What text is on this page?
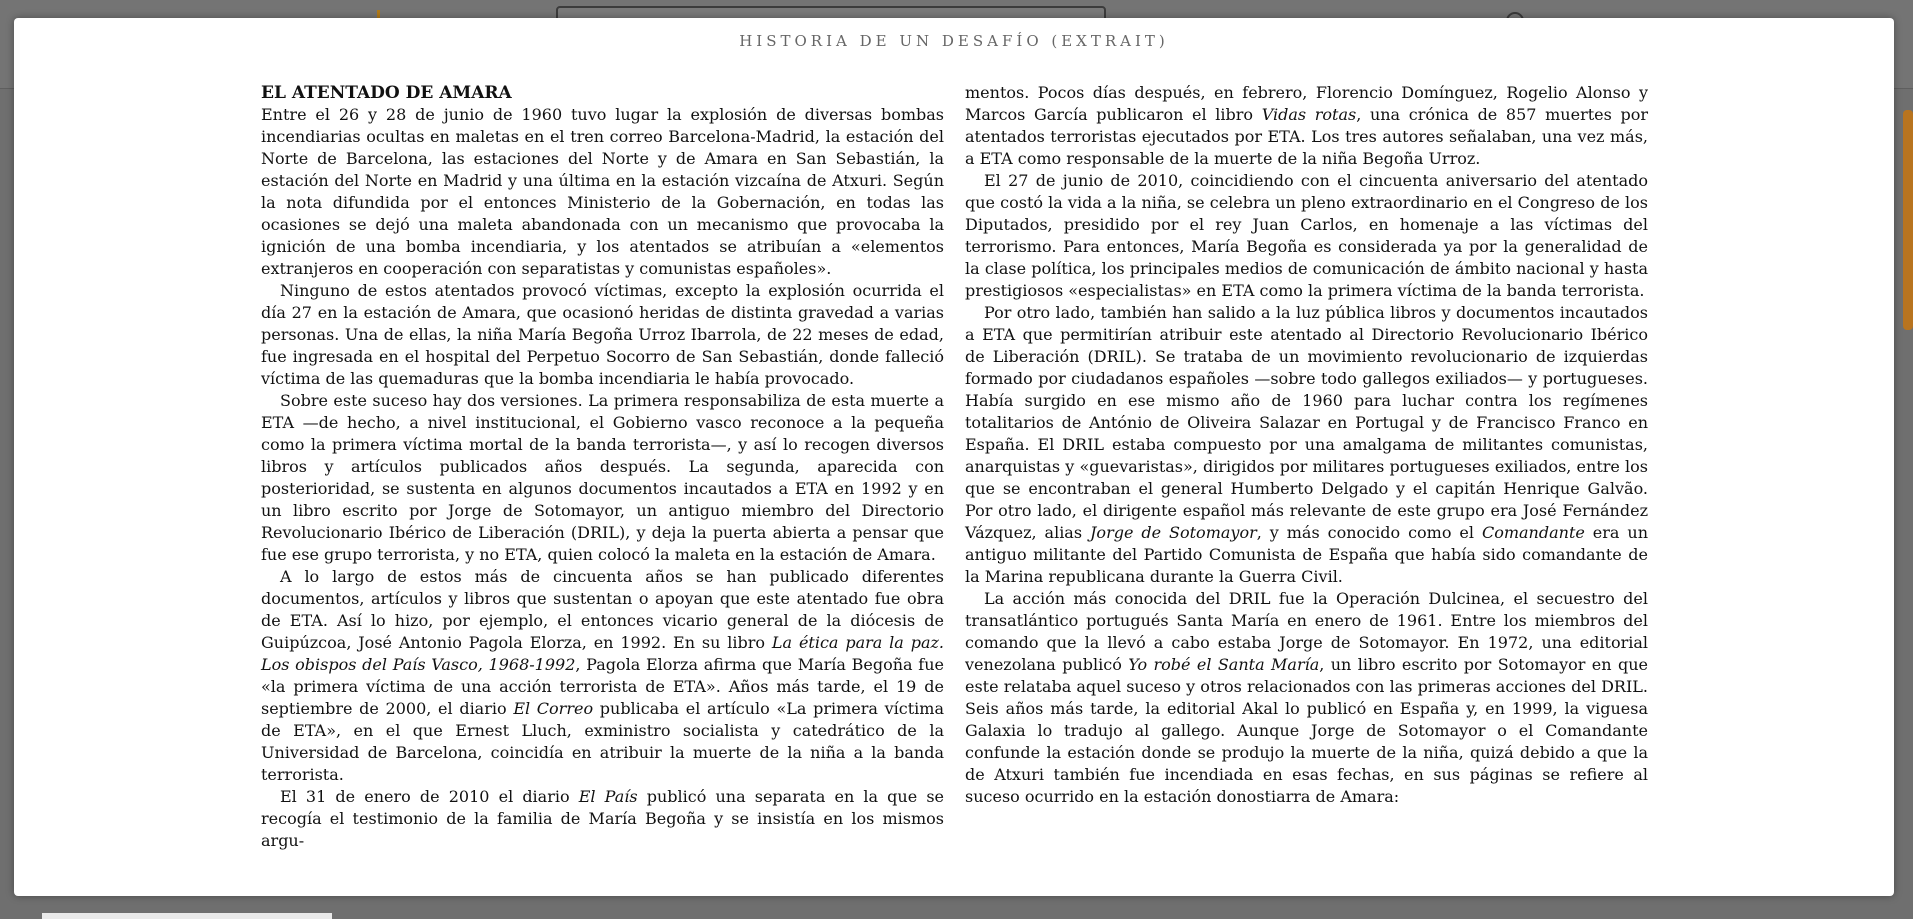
HISTORIA DE UN DESAFÍO (EXTRAIT)
EL ATENTADO DE AMARA

Entre el 26 y 28 de junio de 1960 tuvo lugar la explosión de diversas bombas incendiarias ocultas en maletas en el tren correo Barcelona-Madrid, la estación del Norte de Barcelona, las estaciones del Norte y de Amara en San Sebastián, la estación del Norte en Madrid y una última en la estación vizcaína de Atxuri. Según la nota difundida por el entonces Ministerio de la Gobernación, en todas las ocasiones se dejó una maleta abandonada con un mecanismo que provocaba la ignición de una bomba incendiaria, y los atentados se atribuían a «elementos extranjeros en cooperación con separatistas y comunistas españoles».

Ninguno de estos atentados provocó víctimas, excepto la explosión ocurrida el día 27 en la estación de Amara, que ocasionó heridas de distinta gravedad a varias personas. Una de ellas, la niña María Begoña Urroz Ibarrola, de 22 meses de edad, fue ingresada en el hospital del Perpetuo Socorro de San Sebastián, donde falleció víctima de las quemaduras que la bomba incendiaria le había provocado.

Sobre este suceso hay dos versiones. La primera responsabiliza de esta muerte a ETA —de hecho, a nivel institucional, el Gobierno vasco reconoce a la pequeña como la primera víctima mortal de la banda terrorista—, y así lo recogen diversos libros y artículos publicados años después. La segunda, aparecida con posterioridad, se sustenta en algunos documentos incautados a ETA en 1992 y en un libro escrito por Jorge de Sotomayor, un antiguo miembro del Directorio Revolucionario Ibérico de Liberación (DRIL), y deja la puerta abierta a pensar que fue ese grupo terrorista, y no ETA, quien colocó la maleta en la estación de Amara.

A lo largo de estos más de cincuenta años se han publicado diferentes documentos, artículos y libros que sustentan o apoyan que este atentado fue obra de ETA. Así lo hizo, por ejemplo, el entonces vicario general de la diócesis de Guipúzcoa, José Antonio Pagola Elorza, en 1992. En su libro La ética para la paz. Los obispos del País Vasco, 1968-1992, Pagola Elorza afirma que María Begoña fue «la primera víctima de una acción terrorista de ETA». Años más tarde, el 19 de septiembre de 2000, el diario El Correo publicaba el artículo «La primera víctima de ETA», en el que Ernest Lluch, exministro socialista y catedrático de la Universidad de Barcelona, coincidía en atribuir la muerte de la niña a la banda terrorista.

El 31 de enero de 2010 el diario El País publicó una separata en la que se recogía el testimonio de la familia de María Begoña y se insistía en los mismos argu-

mentos. Pocos días después, en febrero, Florencio Domínguez, Rogelio Alonso y Marcos García publicaron el libro Vidas rotas, una crónica de 857 muertes por atentados terroristas ejecutados por ETA. Los tres autores señalaban, una vez más, a ETA como responsable de la muerte de la niña Begoña Urroz.

El 27 de junio de 2010, coincidiendo con el cincuenta aniversario del atentado que costó la vida a la niña, se celebra un pleno extraordinario en el Congreso de los Diputados, presidido por el rey Juan Carlos, en homenaje a las víctimas del terrorismo. Para entonces, María Begoña es considerada ya por la generalidad de la clase política, los principales medios de comunicación de ámbito nacional y hasta prestigiosos «especialistas» en ETA como la primera víctima de la banda terrorista.

Por otro lado, también han salido a la luz pública libros y documentos incautados a ETA que permitirían atribuir este atentado al Directorio Revolucionario Ibérico de Liberación (DRIL). Se trataba de un movimiento revolucionario de izquierdas formado por ciudadanos españoles —sobre todo gallegos exiliados— y portugueses. Había surgido en ese mismo año de 1960 para luchar contra los regímenes totalitarios de António de Oliveira Salazar en Portugal y de Francisco Franco en España. El DRIL estaba compuesto por una amalgama de militantes comunistas, anarquistas y «guevaristas», dirigidos por militares portugueses exiliados, entre los que se encontraban el general Humberto Delgado y el capitán Henrique Galvão. Por otro lado, el dirigente español más relevante de este grupo era José Fernández Vázquez, alias Jorge de Sotomayor, y más conocido como el Comandante era un antiguo militante del Partido Comunista de España que había sido comandante de la Marina republicana durante la Guerra Civil.

La acción más conocida del DRIL fue la Operación Dulcinea, el secuestro del transatlántico portugués Santa María en enero de 1961. Entre los miembros del comando que la llevó a cabo estaba Jorge de Sotomayor. En 1972, una editorial venezolana publicó Yo robé el Santa María, un libro escrito por Sotomayor en que este relataba aquel suceso y otros relacionados con las primeras acciones del DRIL. Seis años más tarde, la editorial Akal lo publicó en España y, en 1999, la viguesa Galaxia lo tradujo al gallego. Aunque Jorge de Sotomayor o el Comandante confunde la estación donde se produjo la muerte de la niña, quizá debido a que la de Atxuri también fue incendiada en esas fechas, en sus páginas se refiere al suceso ocurrido en la estación donostiarra de Amara:
